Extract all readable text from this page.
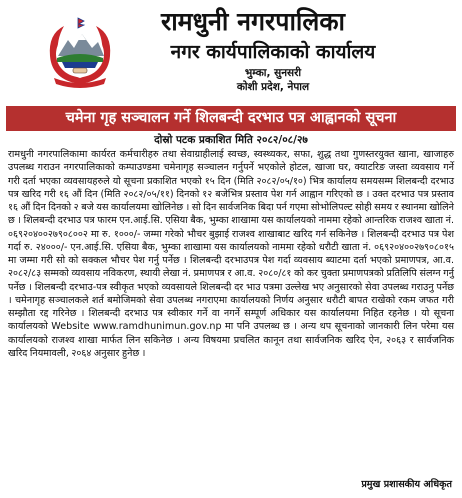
रामधुनी नगरपालिका
नगर कार्यपालिकाको कार्यालय
भुम्का, सुनसरी
कोशी प्रदेश, नेपाल
चमेना गृह सञ्चालन गर्ने शिलबन्दी दरभाउ पत्र आह्वानको सूचना
दोस्रो पटक प्रकाशित मिति २०८२/०८/२७
रामधुनी नगरपालिकामा कार्यरत कर्मचारीहरु तथा सेवाग्राहीलाई स्वच्छ, स्वस्थ्यकर, सफा, शुद्ध तथा गुणस्तरयुक्त खाना, खाजाहरु उपलब्ध गराउन नगरपालिकाको कम्पाउण्डमा चमेनागृह सञ्चालन गर्नुपर्ने भएकोले होटल, खाजा घर, क्याटरिङ जस्ता व्यवसाय गर्ने गरी दर्ता भएका व्यवसायहरुले यो सूचना प्रकाशित भएको १५ दिन (मिति २०८२/०५/१०) भित्र कार्यालय समयसम्म शिलबन्दी दरभाउ पत्र खरिद गरी १६ औं दिन (मिति २०८२/०५/११) दिनको १२ बजेभित्र प्रस्ताव पेश गर्न आह्वान गरिएको छ । उक्त दरभाउ पत्र प्रस्ताव १६ औं दिन दिनको २ बजे यस कार्यालयमा खोलिनेछ । सो दिन सार्वजनिक बिदा पर्न गएमा सोभोलिपल्ट सोही समय र स्थानमा खोलिने छ । शिलबन्दी दरभाउ पत्र फारम एन.आई.सि. एसिया बैक, भुम्का शाखामा यस कार्यालयको नाममा रहेको आन्तरिक राजश्व खाता नं. ०६९२०४००२७९०८००२ मा रु. १०००/- जम्मा गरेको भौचर बुझाई राजश्व शाखाबाट खरिद गर्न सकिनेछ । शिलबन्दी दरभाउ पत्र पेश गर्दा रु. २४०००/- एन.आई.सि. एसिया बैक, भुम्का शाखामा यस कार्यालयको नाममा रहेको धरौटी खाता नं. ०६९२०४००२७९०८०१५ मा जम्मा गरी सो को सक्कल भौचर पेश गर्नु पर्नेछ । शिलबन्दी दरभाउपत्र पेश गर्दा व्यवसाय ब्याटमा दर्ता भएको प्रमाणपत्र, आ.व. २०८२/८३ सम्मको व्यवसाय नविकरण, स्थायी लेखा नं. प्रमाणपत्र र आ.व. २०८०/८१ को कर चुक्ता प्रमाणपत्रको प्रतिलिपि संलग्न गर्नु पर्नेछ । शिलबन्दी दरभाउ-पत्र स्वीकृत भएको व्यवसायले शिलबन्दी दर भाउ पत्रमा उल्लेख भए अनुसारको सेवा उपलब्ध गराउनु पर्नेछ । चमेनागृह सञ्चालकले शर्त बमोजिमको सेवा उपलब्ध नगराएमा कार्यालयको निर्णय अनुसार धरौटी बापत राखेको रकम जफत गरी सम्झौता रद्द गरिनेछ । शिलबन्दी दरभाउ पत्र स्वीकार गर्ने वा नगर्ने सम्पूर्ण अधिकार यस कार्यालयमा निहित रहनेछ । यो सूचना कार्यालयको Website www.ramdhunimun.gov.np मा पनि उपलब्ध छ । अन्य थप सूचनाको जानकारी लिन परेमा यस कार्यालयको राजश्व शाखा मार्फत लिन सकिनेछ । अन्य विषयमा प्रचलित कानून तथा सार्वजनिक खरिद ऐन, २०६३ र सार्वजनिक खरिद नियमावली, २०६४ अनुसार हुनेछ ।
प्रमुख प्रशासकीय अधिकृत
